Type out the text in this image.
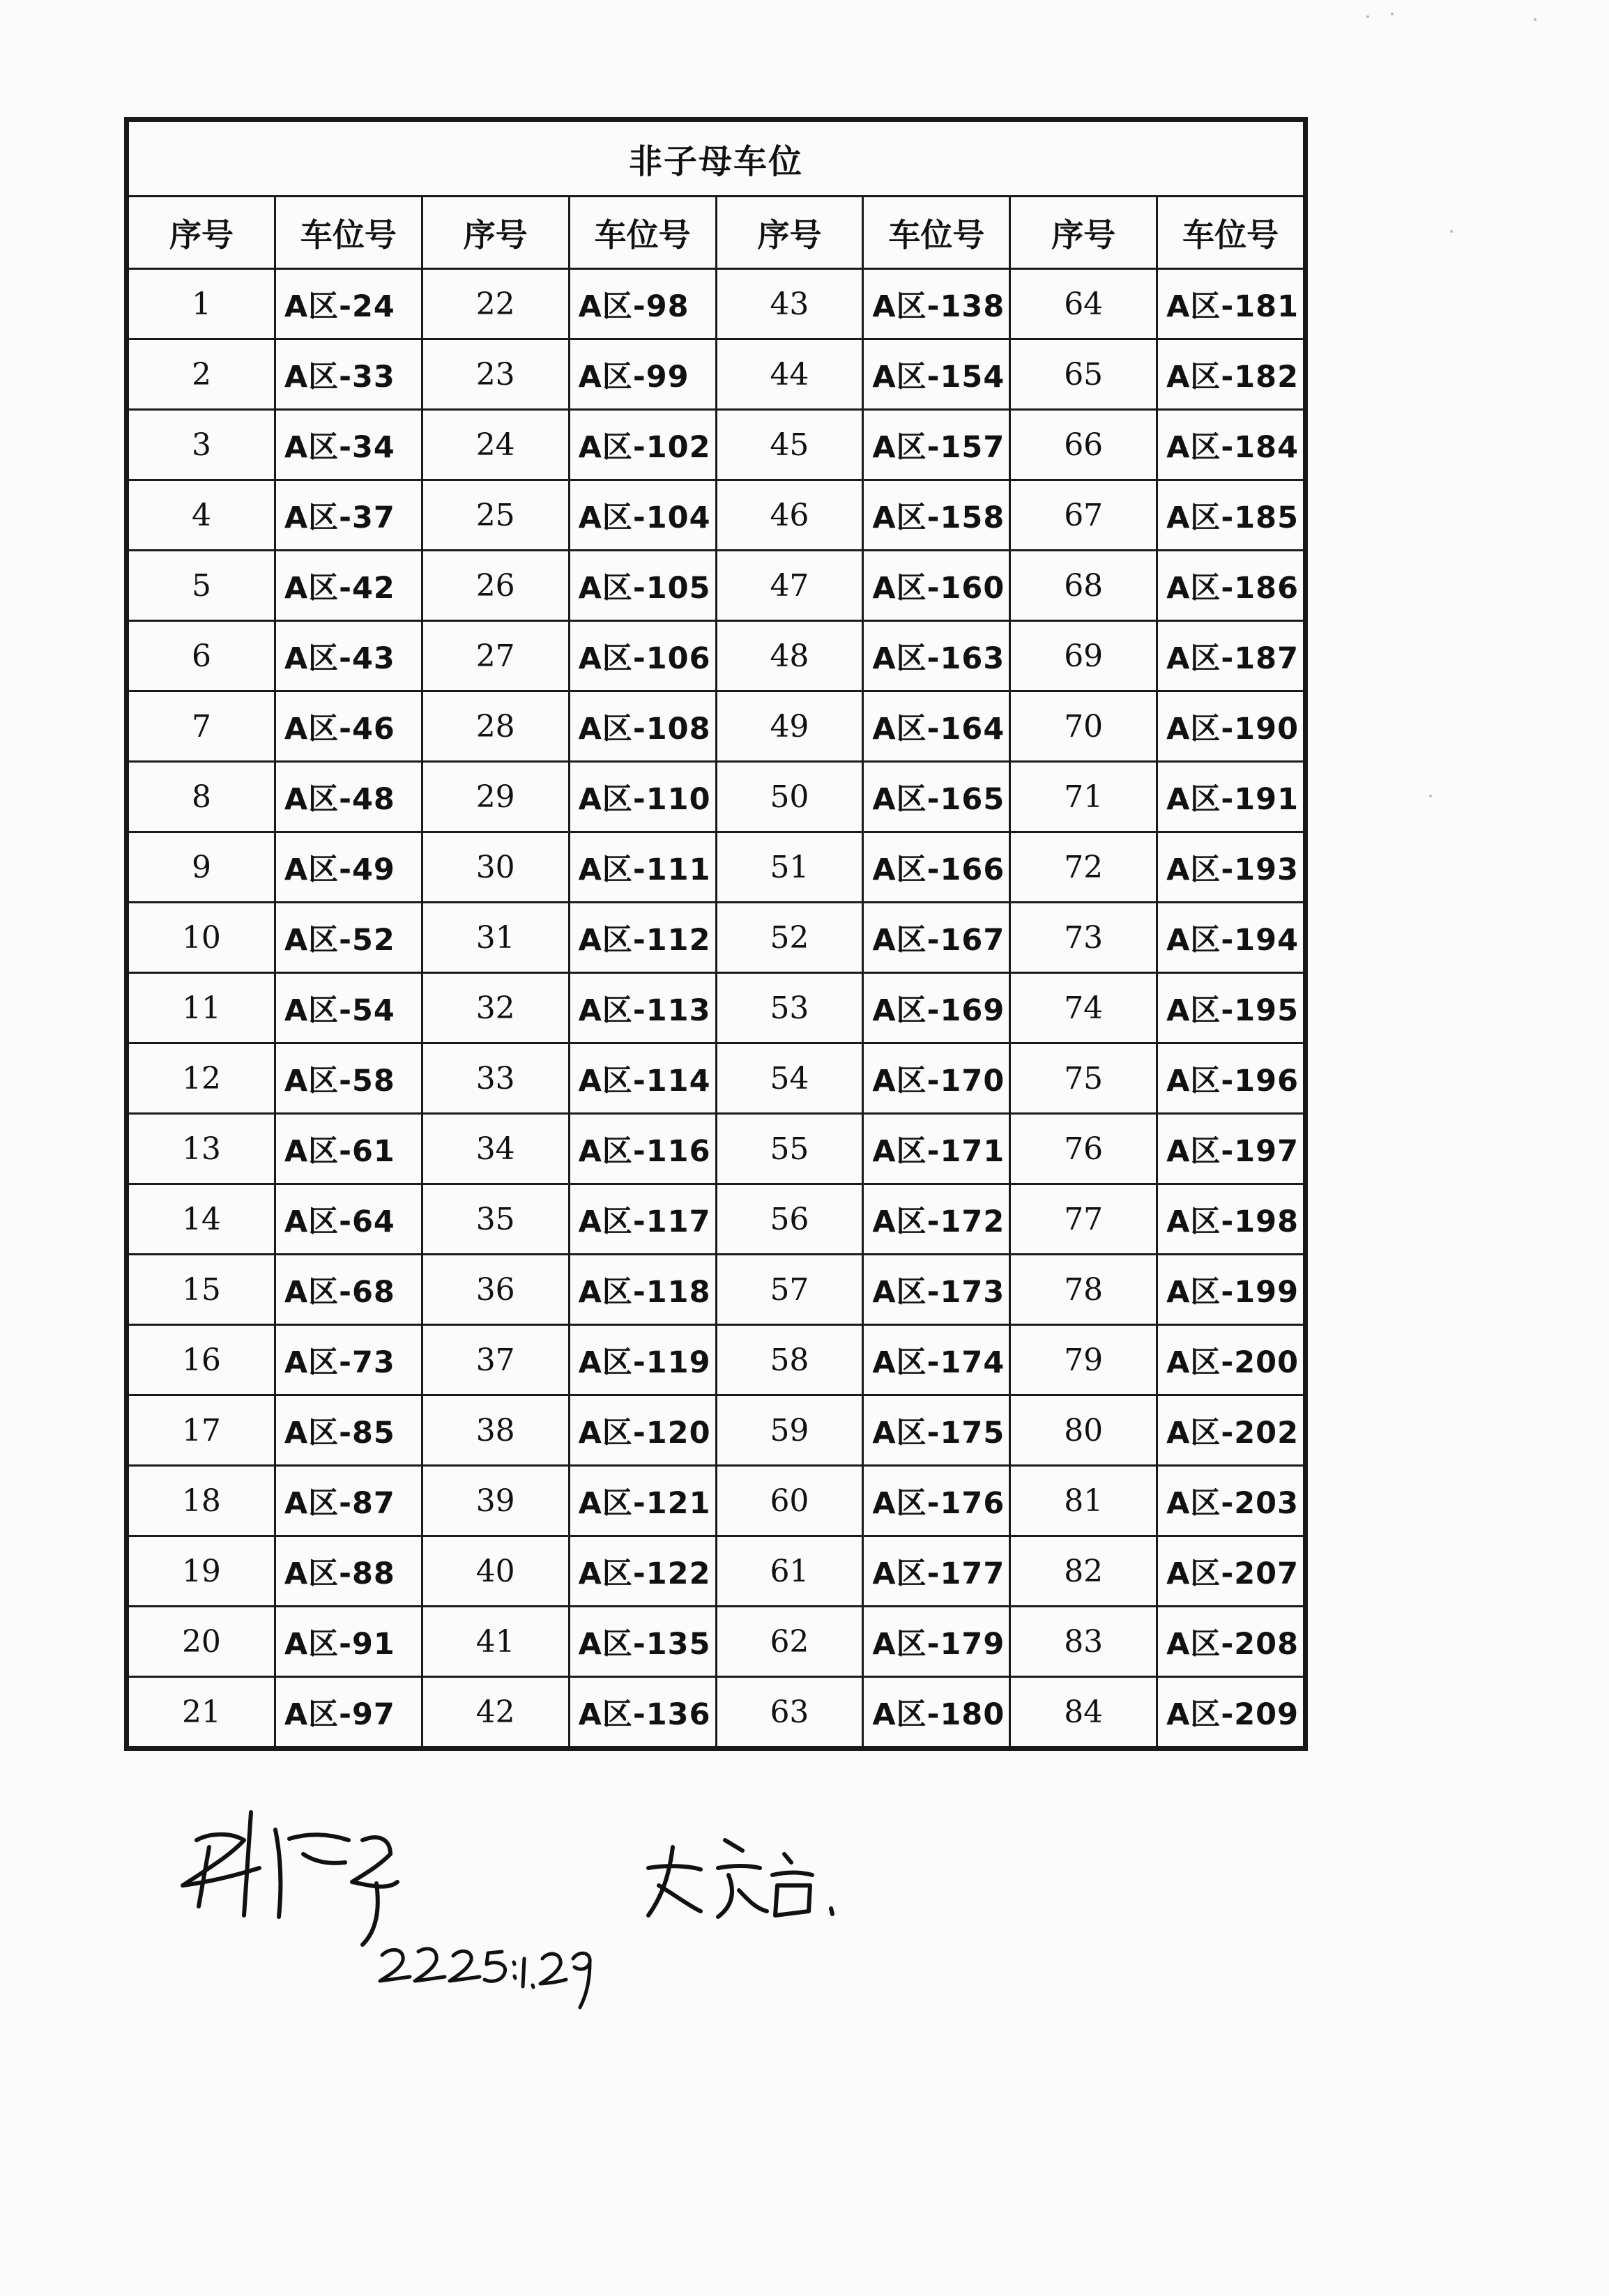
非子母车位							
序号	车位号	序号	车位号	序号	车位号	序号	车位号
1	A区-24	22	A区-98	43	A区-138	64	A区-181
2	A区-33	23	A区-99	44	A区-154	65	A区-182
3	A区-34	24	A区-102	45	A区-157	66	A区-184
4	A区-37	25	A区-104	46	A区-158	67	A区-185
5	A区-42	26	A区-105	47	A区-160	68	A区-186
6	A区-43	27	A区-106	48	A区-163	69	A区-187
7	A区-46	28	A区-108	49	A区-164	70	A区-190
8	A区-48	29	A区-110	50	A区-165	71	A区-191
9	A区-49	30	A区-111	51	A区-166	72	A区-193
10	A区-52	31	A区-112	52	A区-167	73	A区-194
11	A区-54	32	A区-113	53	A区-169	74	A区-195
12	A区-58	33	A区-114	54	A区-170	75	A区-196
13	A区-61	34	A区-116	55	A区-171	76	A区-197
14	A区-64	35	A区-117	56	A区-172	77	A区-198
15	A区-68	36	A区-118	57	A区-173	78	A区-199
16	A区-73	37	A区-119	58	A区-174	79	A区-200
17	A区-85	38	A区-120	59	A区-175	80	A区-202
18	A区-87	39	A区-121	60	A区-176	81	A区-203
19	A区-88	40	A区-122	61	A区-177	82	A区-207
20	A区-91	41	A区-135	62	A区-179	83	A区-208
21	A区-97	42	A区-136	63	A区-180	84	A区-209
